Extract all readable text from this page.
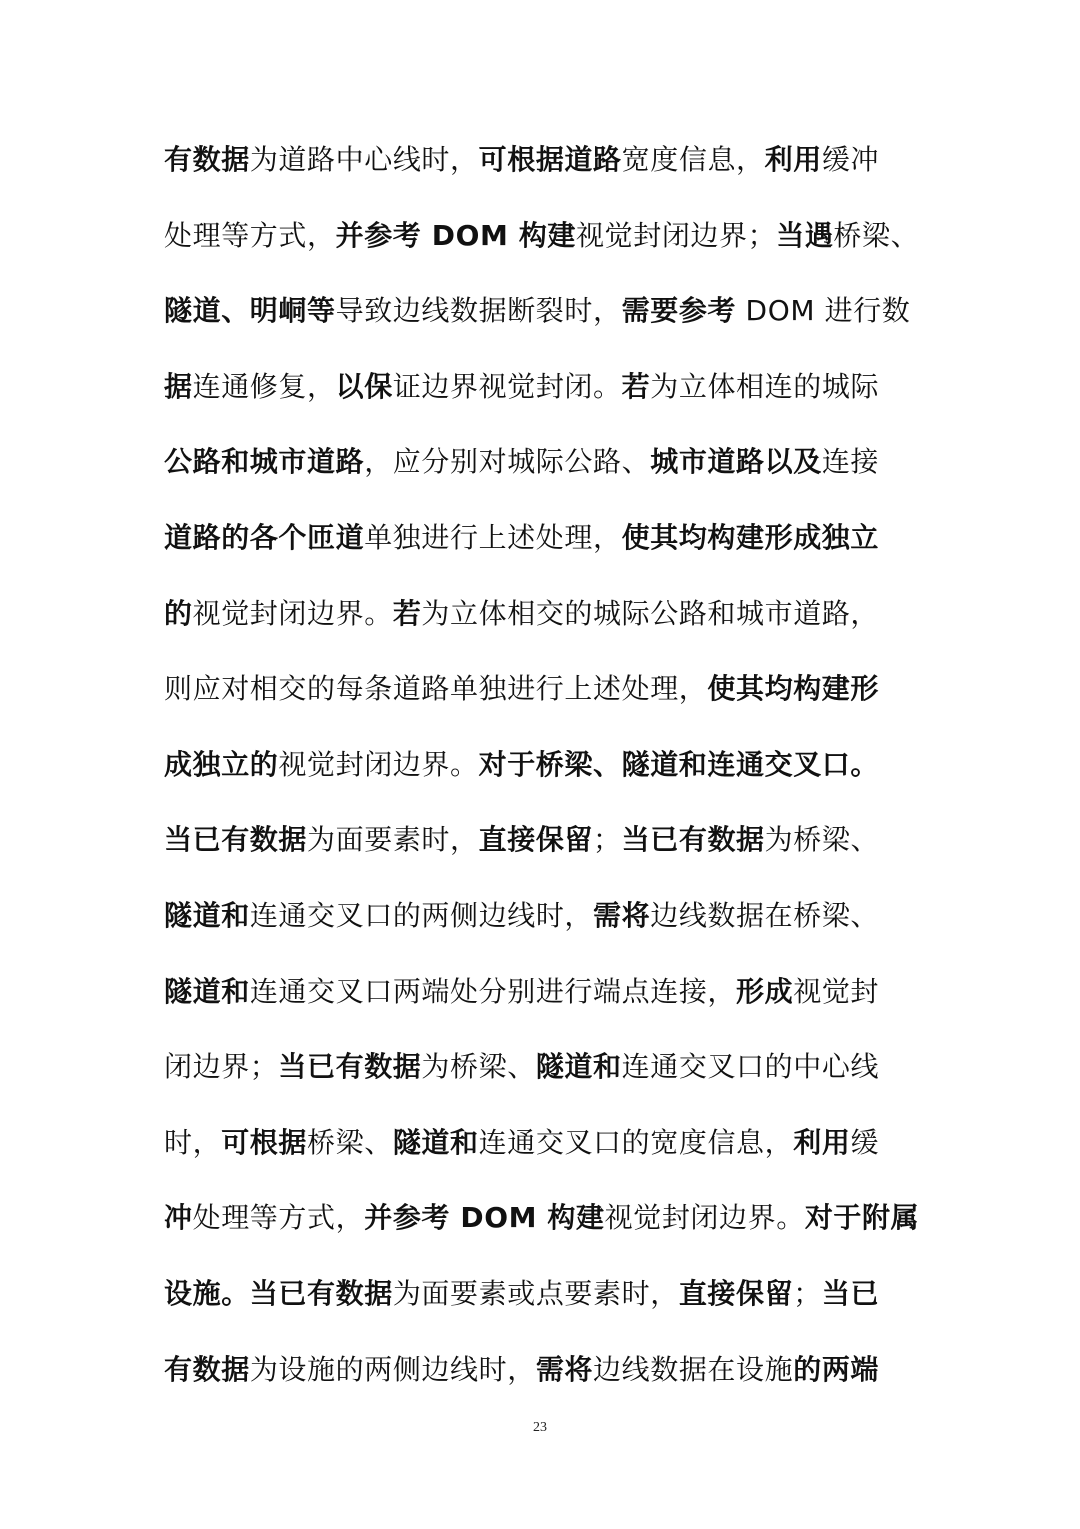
有数据为道路中心线时，可根据道路宽度信息，利用缓冲
处理等方式，并参考 DOM 构建视觉封闭边界；当遇桥梁、
隧道、明峒等导致边线数据断裂时，需要参考 DOM 进行数
据连通修复，以保证边界视觉封闭。若为立体相连的城际
公路和城市道路，应分别对城际公路、城市道路以及连接
道路的各个匝道单独进行上述处理，使其均构建形成独立
的视觉封闭边界。若为立体相交的城际公路和城市道路，
则应对相交的每条道路单独进行上述处理，使其均构建形
成独立的视觉封闭边界。对于桥梁、隧道和连通交叉口。
当已有数据为面要素时，直接保留；当已有数据为桥梁、
隧道和连通交叉口的两侧边线时，需将边线数据在桥梁、
隧道和连通交叉口两端处分别进行端点连接，形成视觉封
闭边界；当已有数据为桥梁、隧道和连通交叉口的中心线
时，可根据桥梁、隧道和连通交叉口的宽度信息，利用缓
冲处理等方式，并参考 DOM 构建视觉封闭边界。对于附属
设施。当已有数据为面要素或点要素时，直接保留；当已
有数据为设施的两侧边线时，需将边线数据在设施的两端
23
